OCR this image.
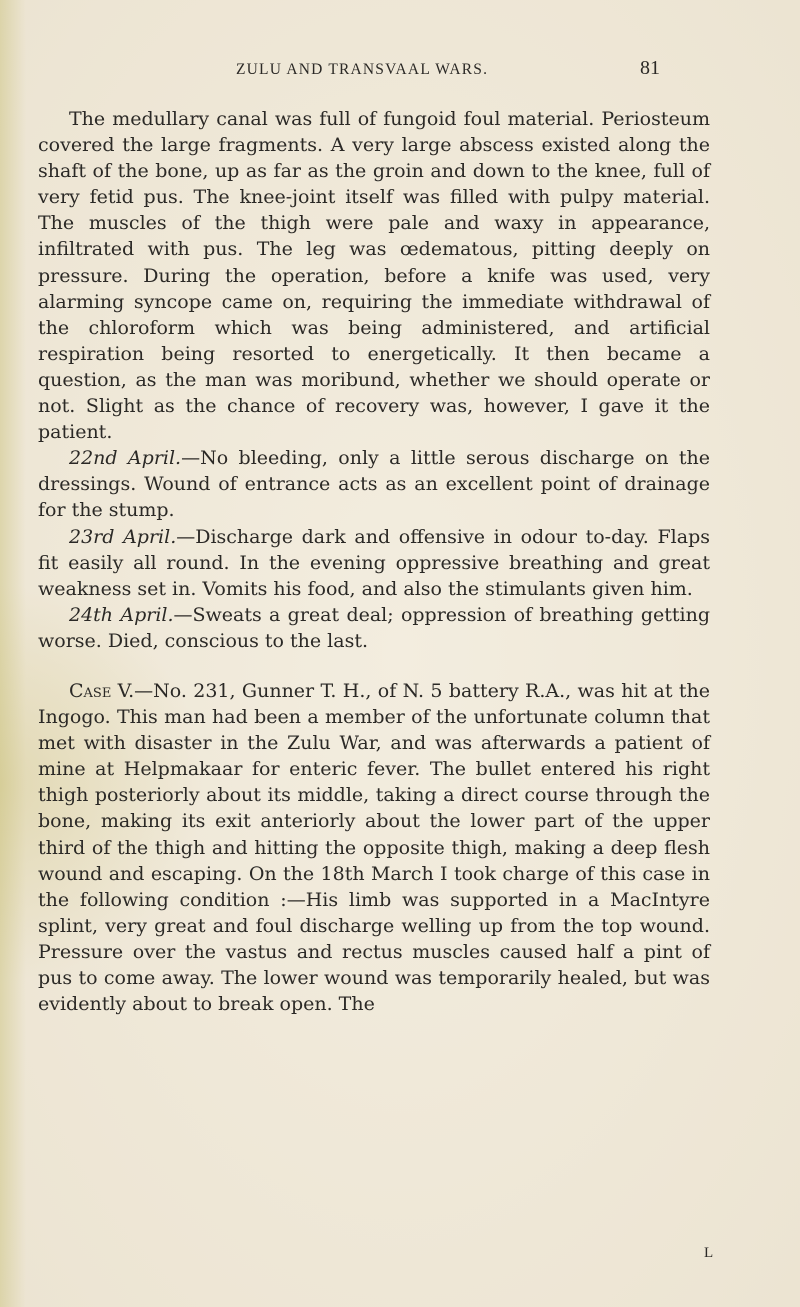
ZULU AND TRANSVAAL WARS.	81

The medullary canal was full of fungoid foul material. Periosteum covered the large fragments. A very large abscess existed along the shaft of the bone, up as far as the groin and down to the knee, full of very fetid pus. The knee-joint itself was filled with pulpy material. The muscles of the thigh were pale and waxy in appearance, infiltrated with pus. The leg was œdematous, pitting deeply on pressure. During the operation, before a knife was used, very alarming syncope came on, requiring the immediate withdrawal of the chloroform which was being administered, and artificial respiration being resorted to energetically. It then became a question, as the man was moribund, whether we should operate or not. Slight as the chance of recovery was, however, I gave it the patient.

22nd April.—No bleeding, only a little serous discharge on the dressings. Wound of entrance acts as an excellent point of drainage for the stump.

23rd April.—Discharge dark and offensive in odour to-day. Flaps fit easily all round. In the evening oppressive breathing and great weakness set in. Vomits his food, and also the stimulants given him.

24th April.—Sweats a great deal; oppression of breathing getting worse. Died, conscious to the last.

Case V.—No. 231, Gunner T. H., of N. 5 battery R.A., was hit at the Ingogo. This man had been a member of the unfortunate column that met with disaster in the Zulu War, and was afterwards a patient of mine at Helpmakaar for enteric fever. The bullet entered his right thigh posteriorly about its middle, taking a direct course through the bone, making its exit anteriorly about the lower part of the upper third of the thigh and hitting the opposite thigh, making a deep flesh wound and escaping. On the 18th March I took charge of this case in the following condition :—His limb was supported in a MacIntyre splint, very great and foul discharge welling up from the top wound. Pressure over the vastus and rectus muscles caused half a pint of pus to come away. The lower wound was temporarily healed, but was evidently about to break open. The

L
